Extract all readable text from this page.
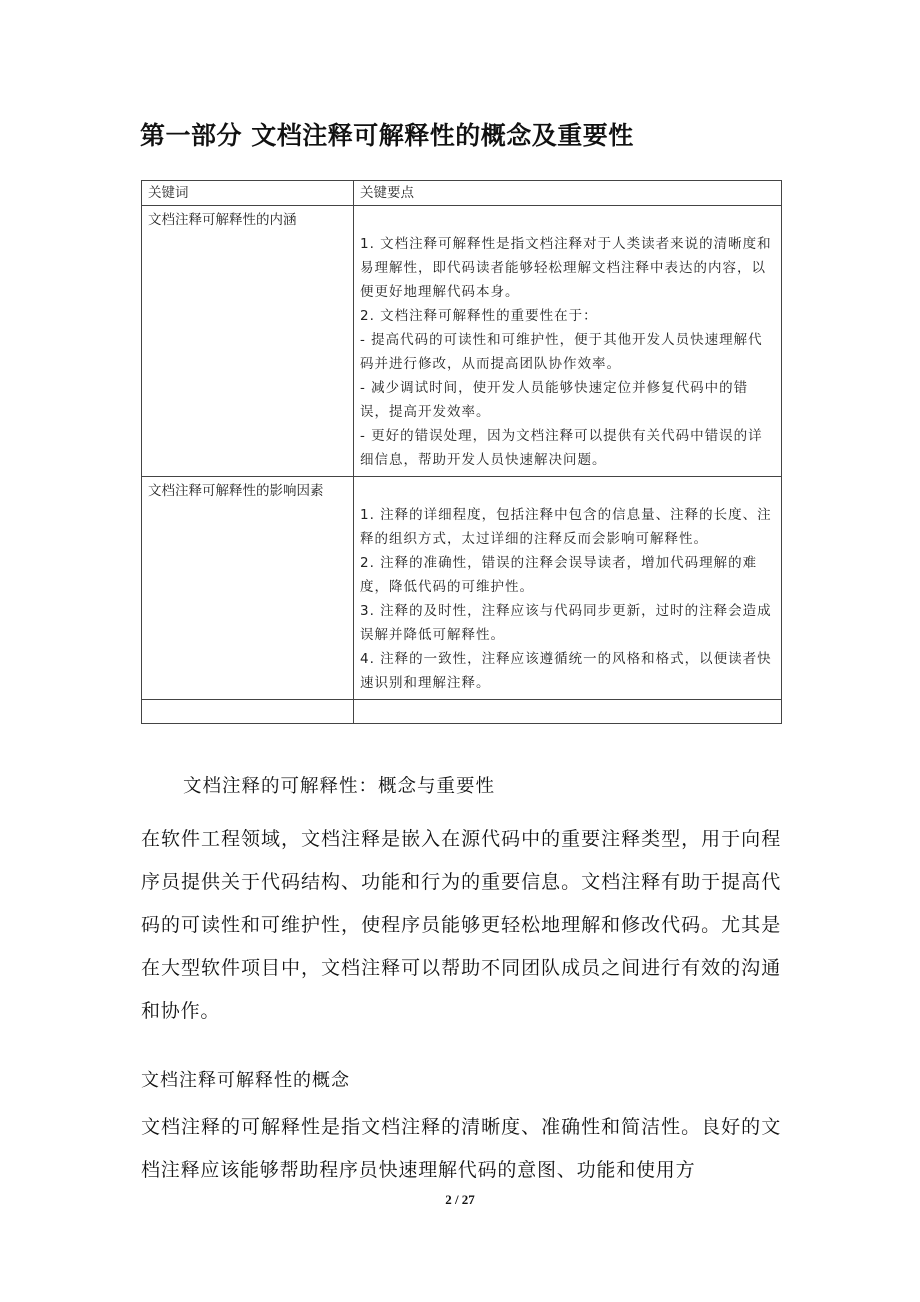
第一部分 文档注释可解释性的概念及重要性
关键词	关键要点
文档注释可解释性的内涵	1. 文档注释可解释性是指文档注释对于人类读者来说的清晰度和易理解性，即代码读者能够轻松理解文档注释中表达的内容，以便更好地理解代码本身。

2. 文档注释可解释性的重要性在于：

- 提高代码的可读性和可维护性，便于其他开发人员快速理解代码并进行修改，从而提高团队协作效率。

- 减少调试时间，使开发人员能够快速定位并修复代码中的错误，提高开发效率。

- 更好的错误处理，因为文档注释可以提供有关代码中错误的详细信息，帮助开发人员快速解决问题。

文档注释可解释性的影响因素	1. 注释的详细程度，包括注释中包含的信息量、注释的长度、注释的组织方式，太过详细的注释反而会影响可解释性。

2. 注释的准确性，错误的注释会误导读者，增加代码理解的难度，降低代码的可维护性。

3. 注释的及时性，注释应该与代码同步更新，过时的注释会造成误解并降低可解释性。

4. 注释的一致性，注释应该遵循统一的风格和格式，以便读者快速识别和理解注释。

文档注释的可解释性：概念与重要性
在软件工程领域，文档注释是嵌入在源代码中的重要注释类型，用于向程序员提供关于代码结构、功能和行为的重要信息。文档注释有助于提高代码的可读性和可维护性，使程序员能够更轻松地理解和修改代码。尤其是在大型软件项目中，文档注释可以帮助不同团队成员之间进行有效的沟通和协作。
文档注释可解释性的概念
文档注释的可解释性是指文档注释的清晰度、准确性和简洁性。良好的文档注释应该能够帮助程序员快速理解代码的意图、功能和使用方
2 / 27
